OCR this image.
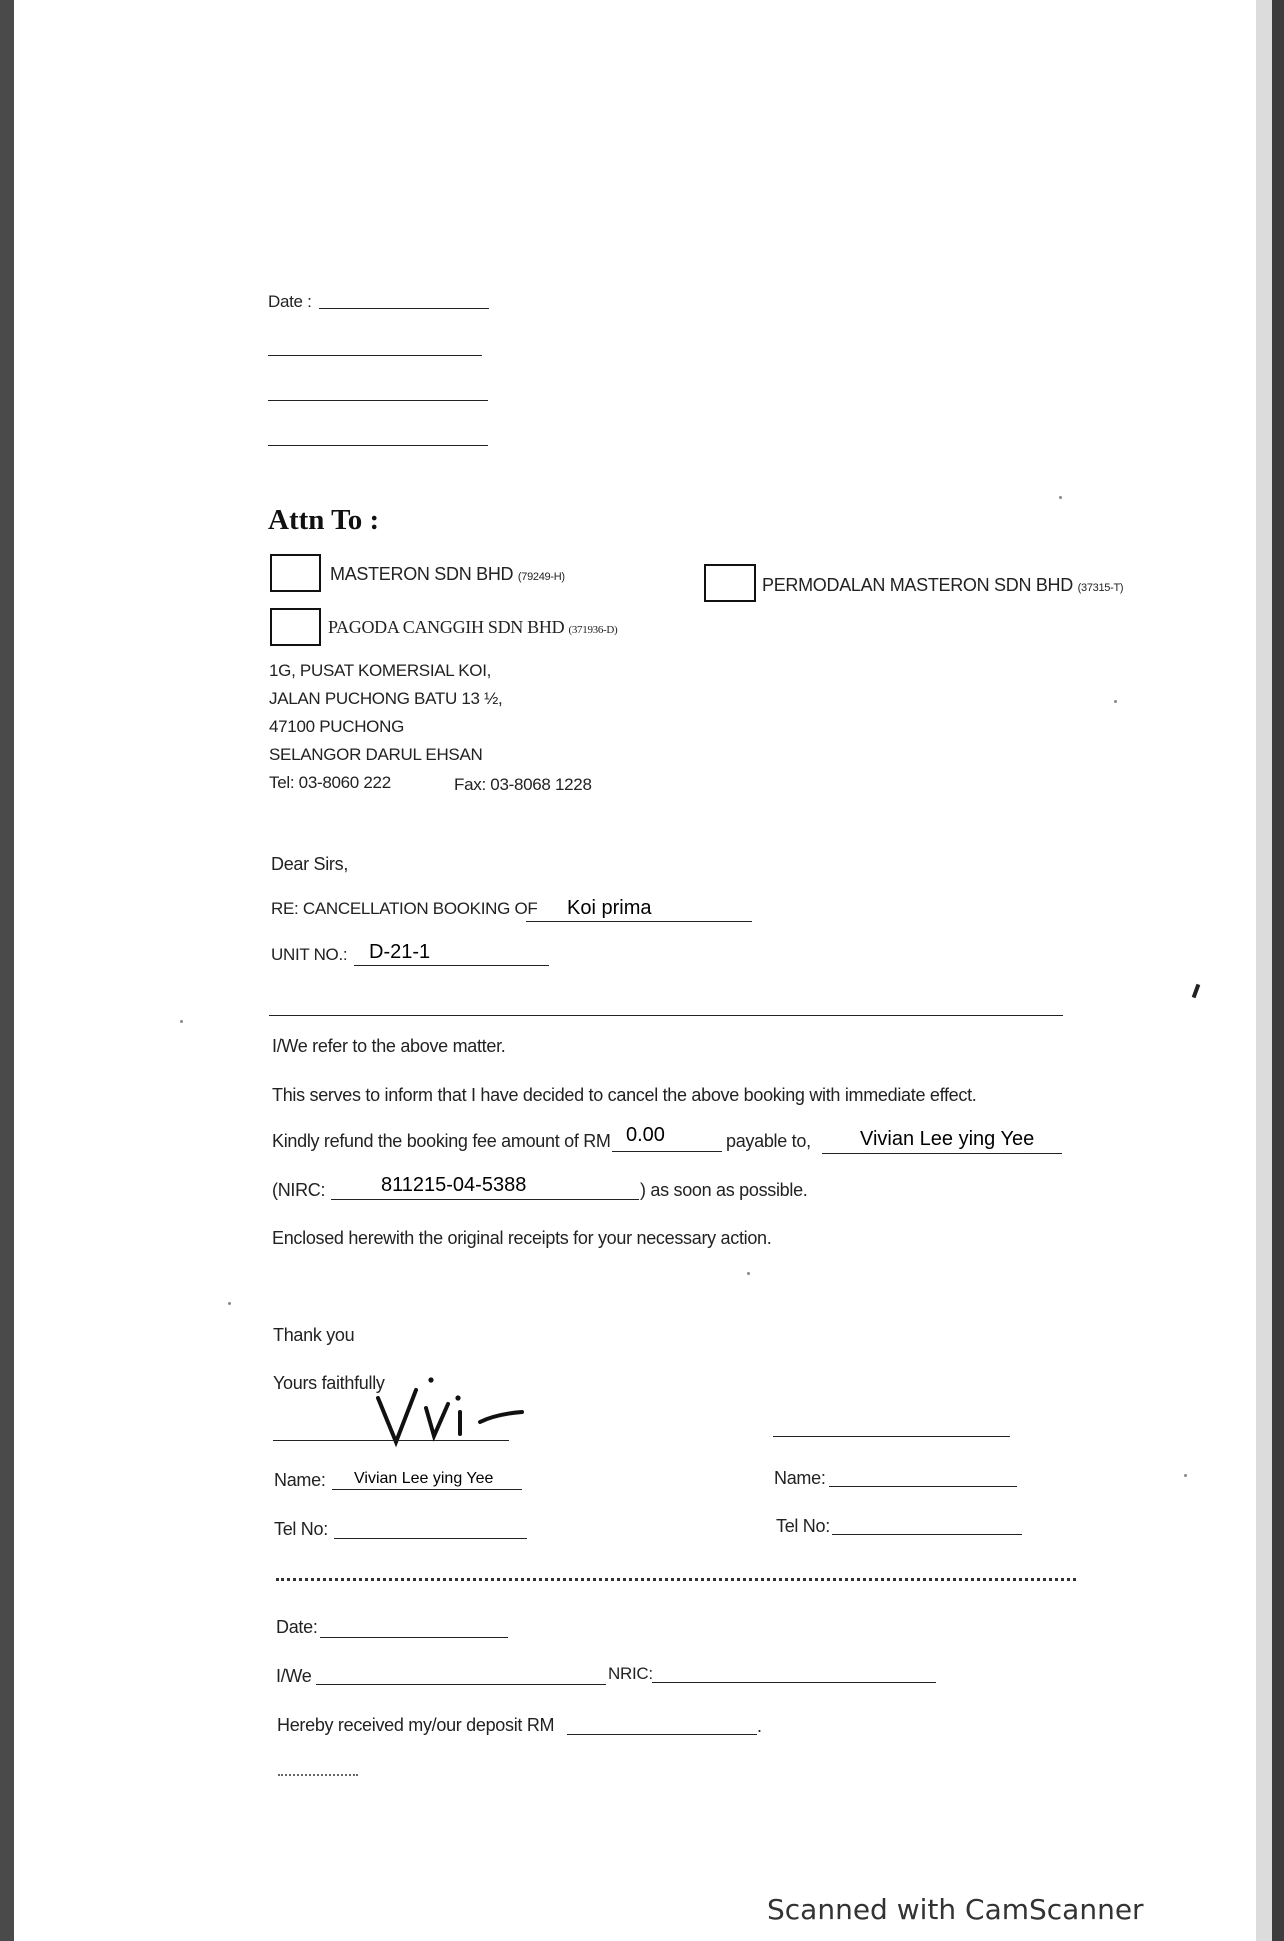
Date :
Attn To :
MASTERON SDN BHD (79249-H)	PERMODALAN MASTERON SDN BHD (37315-T)
PAGODA CANGGIH SDN BHD (371936-D)
1G, PUSAT KOMERSIAL KOI,
JALAN PUCHONG BATU 13 ½,
47100 PUCHONG
SELANGOR DARUL EHSAN
Tel: 03-8060 222	Fax: 03-8068 1228
Dear Sirs,
RE: CANCELLATION BOOKING OF Koi prima
UNIT NO.: D-21-1
I/We refer to the above matter.
This serves to inform that I have decided to cancel the above booking with immediate effect.
Kindly refund the booking fee amount of RM 0.00	payable to, Vivian Lee ying Yee
(NIRC:	811215-04-5388	) as soon as possible.
Enclosed herewith the original receipts for your necessary action.
Thank you
Yours faithfully
Name: Vivian Lee ying Yee	Name:
Tel No:	Tel No:
Date:
I/We	NRIC:
Hereby received my/our deposit RM	.
Scanned with CamScanner
